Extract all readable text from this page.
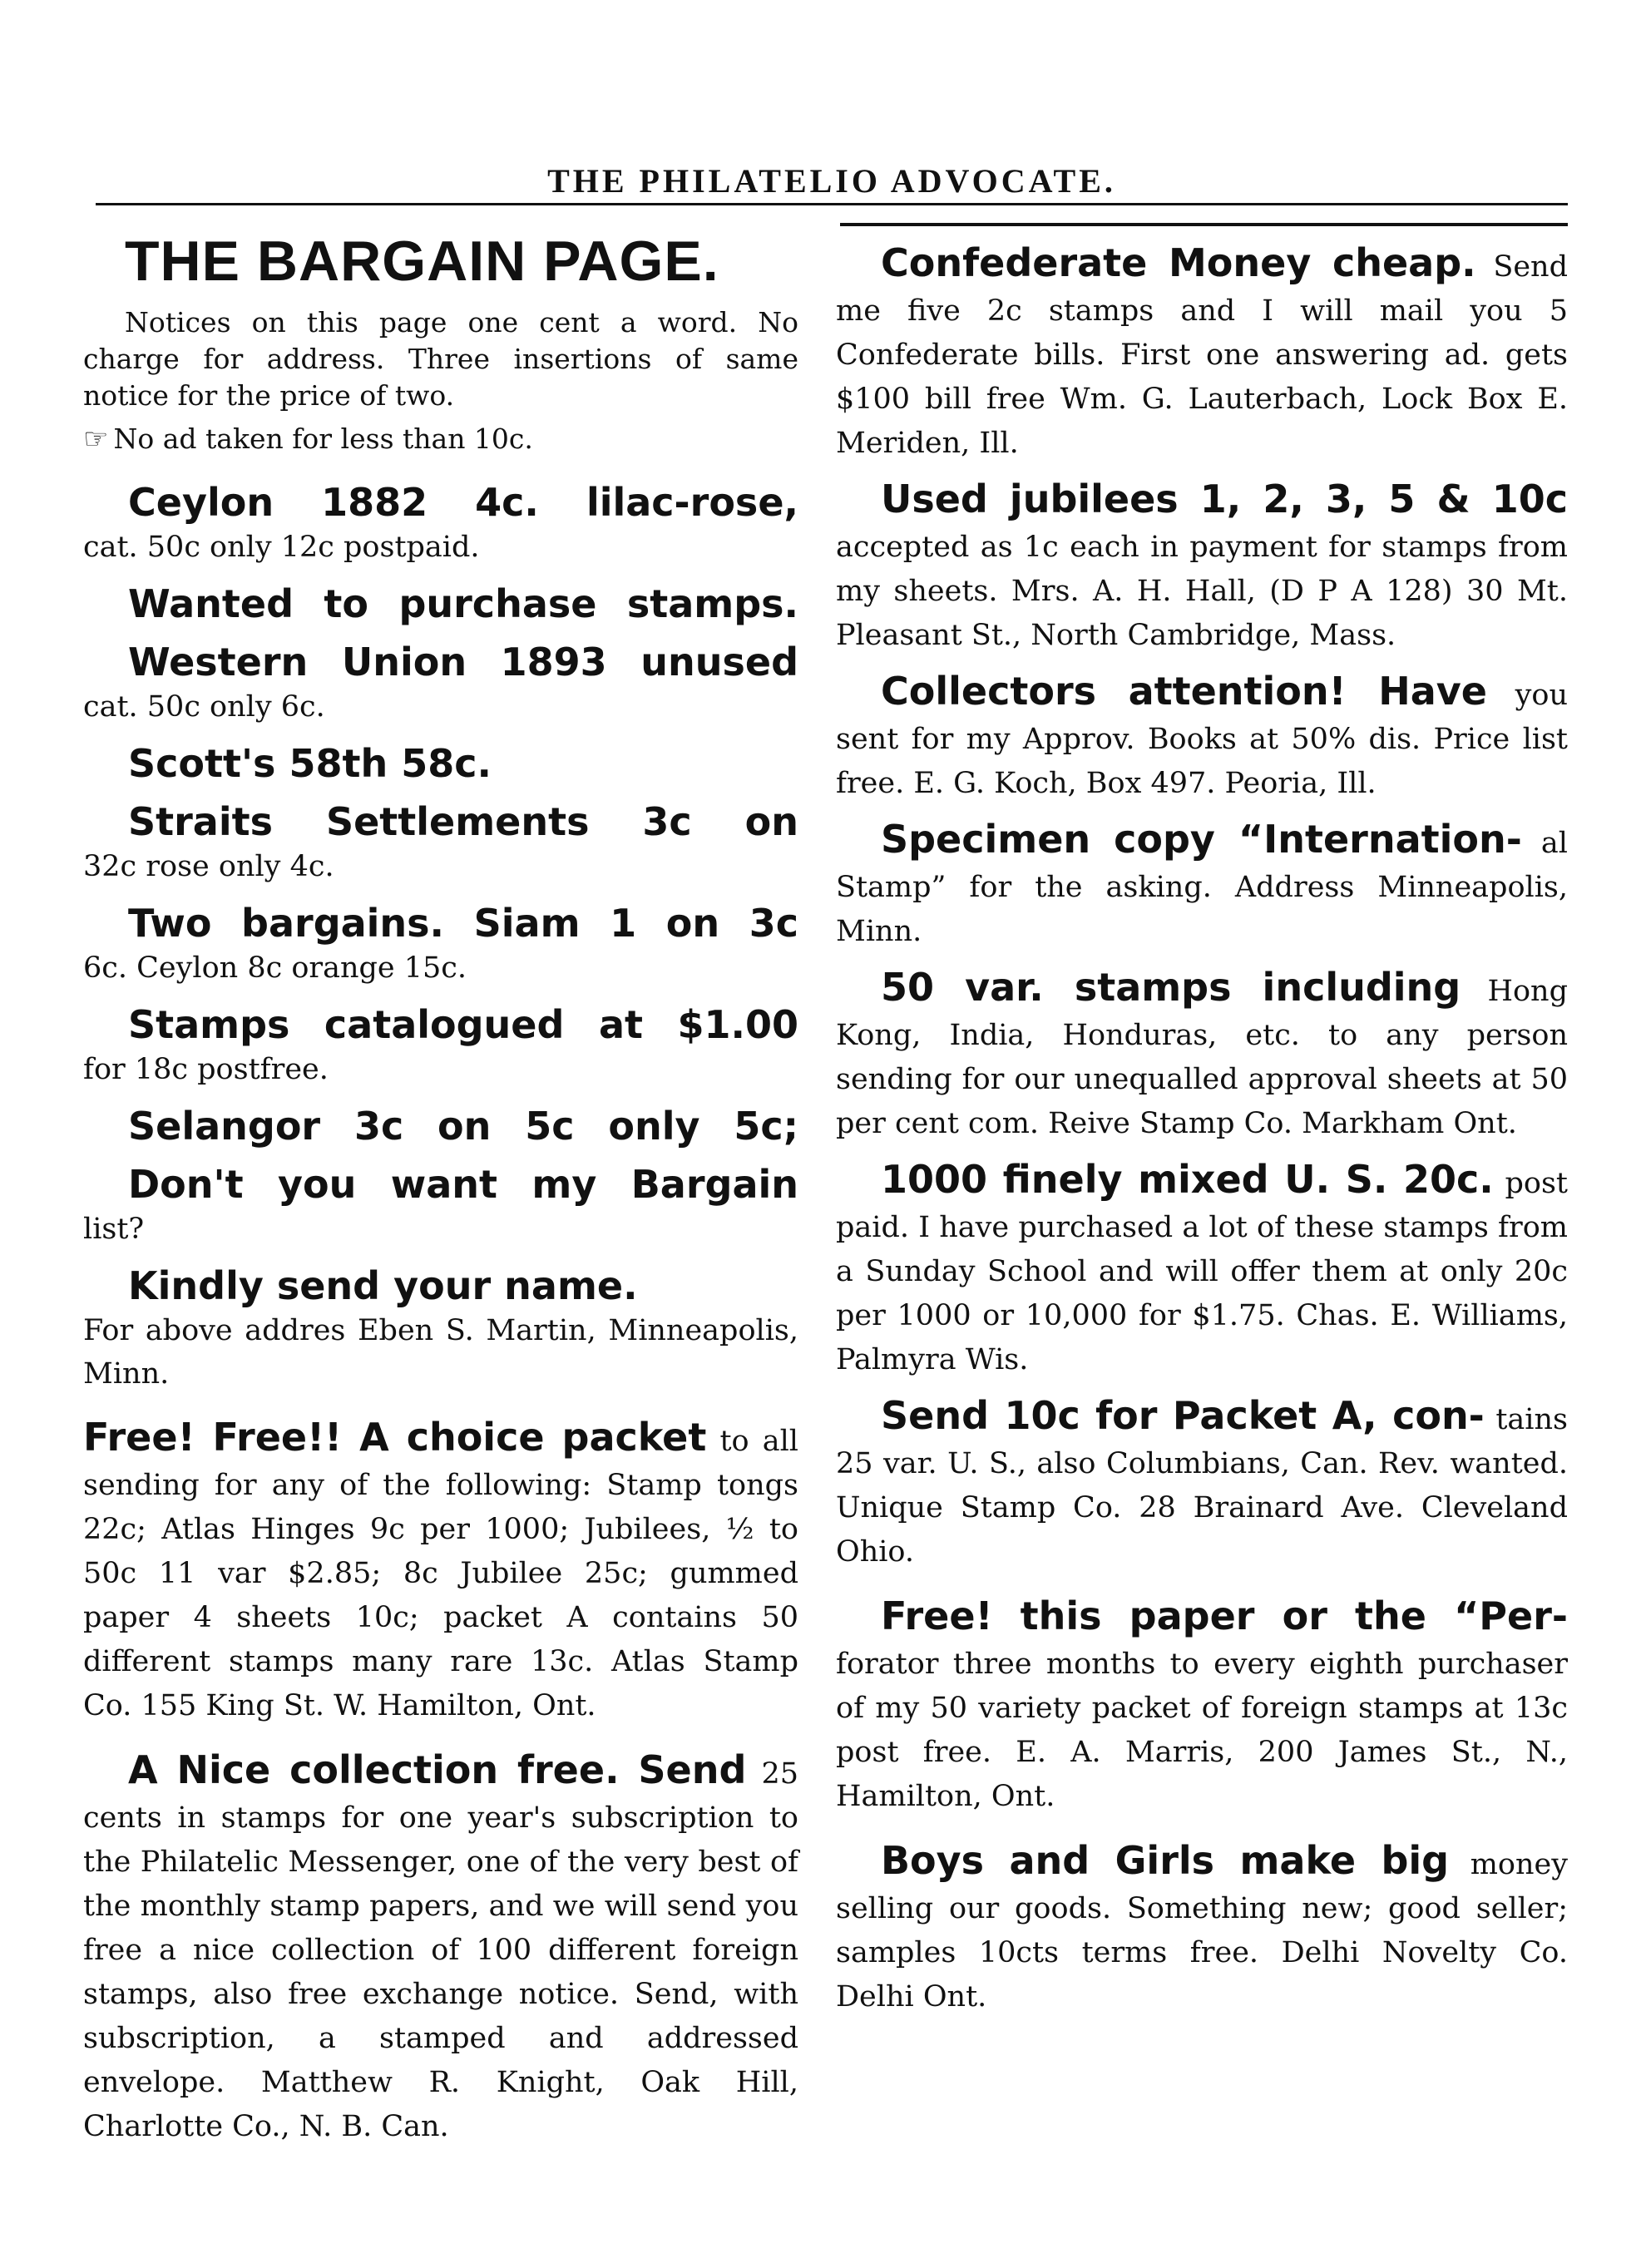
THE PHILATELIO ADVOCATE.
THE BARGAIN PAGE.
Notices on this page one cent a word. No charge for address. Three insertions of same notice for the price of two.
☞ No ad taken for less than 10c.
Ceylon 1882 4c. lilac-rose,
cat. 50c only 12c postpaid.
Wanted to purchase stamps.
Western Union 1893 unused
cat. 50c only 6c.
Scott's 58th 58c.
Straits Settlements 3c on
32c rose only 4c.
Two bargains. Siam 1 on 3c
6c. Ceylon 8c orange 15c.
Stamps catalogued at $1.00
for 18c postfree.
Selangor 3c on 5c only 5c;
Don't you want my Bargain
list?
Kindly send your name.
For above addres Eben S. Martin, Minneapolis, Minn.
Free! Free!! A choice packet to all sending for any of the following: Stamp tongs 22c; Atlas Hinges 9c per 1000; Jubilees, ½ to 50c 11 var $2.85; 8c Jubilee 25c; gummed paper 4 sheets 10c; packet A contains 50 different stamps many rare 13c. Atlas Stamp Co. 155 King St. W. Hamilton, Ont.
A Nice collection free. Send 25 cents in stamps for one year's subscription to the Philatelic Messenger, one of the very best of the monthly stamp papers, and we will send you free a nice collection of 100 different foreign stamps, also free exchange notice. Send, with subscription, a stamped and addressed envelope. Matthew R. Knight, Oak Hill, Charlotte Co., N. B. Can.
Confederate Money cheap. Send me five 2c stamps and I will mail you 5 Confederate bills. First one answering ad. gets $100 bill free Wm. G. Lauterbach, Lock Box E. Meriden, Ill.
Used jubilees 1, 2, 3, 5 & 10c accepted as 1c each in payment for stamps from my sheets. Mrs. A. H. Hall, (D P A 128) 30 Mt. Pleasant St., North Cambridge, Mass.
Collectors attention! Have you sent for my Approv. Books at 50% dis. Price list free. E. G. Koch, Box 497. Peoria, Ill.
Specimen copy “Internation- al Stamp” for the asking. Address Minneapolis, Minn.
50 var. stamps including Hong Kong, India, Honduras, etc. to any person sending for our unequalled approval sheets at 50 per cent com. Reive Stamp Co. Markham Ont.
1000 finely mixed U. S. 20c. post paid. I have purchased a lot of these stamps from a Sunday School and will offer them at only 20c per 1000 or 10,000 for $1.75. Chas. E. Williams, Palmyra Wis.
Send 10c for Packet A, con- tains 25 var. U. S., also Columbians, Can. Rev. wanted. Unique Stamp Co. 28 Brainard Ave. Cleveland Ohio.
Free! this paper or the “Per- forator three months to every eighth purchaser of my 50 variety packet of foreign stamps at 13c post free. E. A. Marris, 200 James St., N., Hamilton, Ont.
Boys and Girls make big money selling our goods. Something new; good seller; samples 10cts terms free. Delhi Novelty Co. Delhi Ont.
